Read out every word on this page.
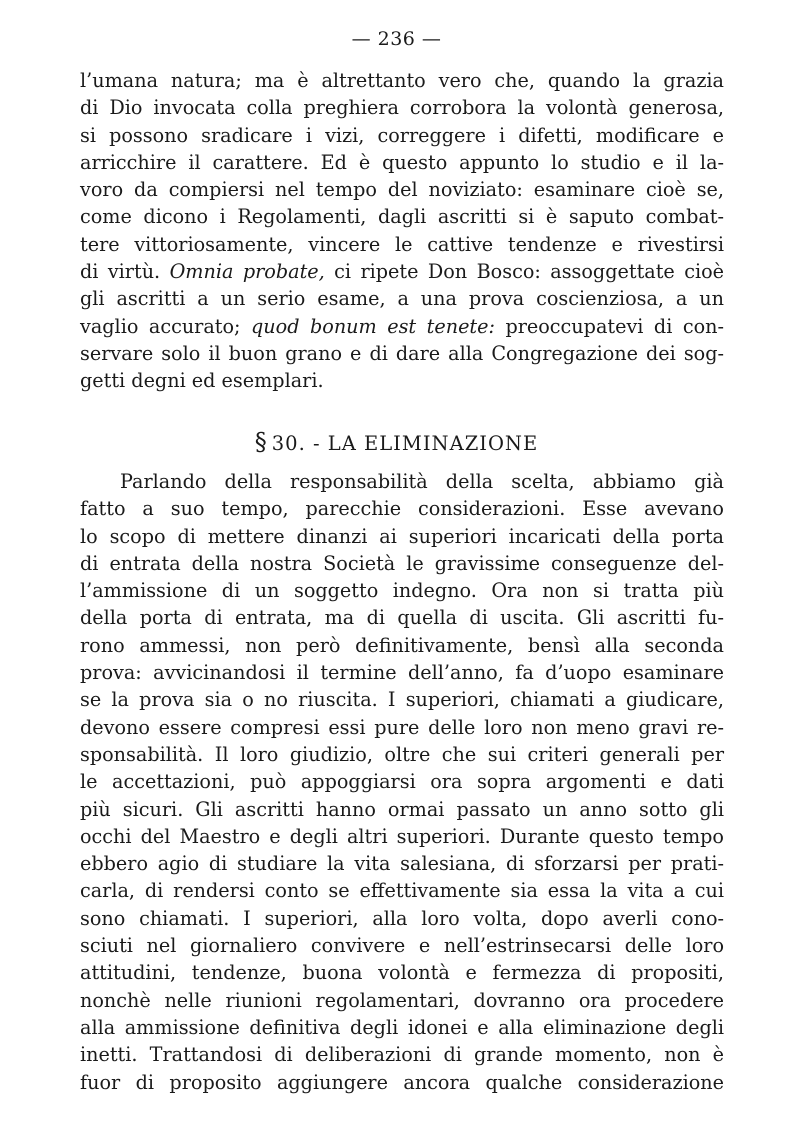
— 236 —
l’umana natura; ma è altrettanto vero che, quando la grazia
di Dio invocata colla preghiera corrobora la volontà generosa,
si possono sradicare i vizi, correggere i difetti, modificare e
arricchire il carattere. Ed è questo appunto lo studio e il la-
voro da compiersi nel tempo del noviziato: esaminare cioè se,
come dicono i Regolamenti, dagli ascritti si è saputo combat-
tere vittoriosamente, vincere le cattive tendenze e rivestirsi
di virtù. Omnia probate, ci ripete Don Bosco: assoggettate cioè
gli ascritti a un serio esame, a una prova coscienziosa, a un
vaglio accurato; quod bonum est tenete: preoccupatevi di con-
servare solo il buon grano e di dare alla Congregazione dei sog-
getti degni ed esemplari.
§ 30. - LA ELIMINAZIONE
Parlando della responsabilità della scelta, abbiamo già
fatto a suo tempo, parecchie considerazioni. Esse avevano
lo scopo di mettere dinanzi ai superiori incaricati della porta
di entrata della nostra Società le gravissime conseguenze del-
l’ammissione di un soggetto indegno. Ora non si tratta più
della porta di entrata, ma di quella di uscita. Gli ascritti fu-
rono ammessi, non però definitivamente, bensì alla seconda
prova: avvicinandosi il termine dell’anno, fa d’uopo esaminare
se la prova sia o no riuscita. I superiori, chiamati a giudicare,
devono essere compresi essi pure delle loro non meno gravi re-
sponsabilità. Il loro giudizio, oltre che sui criteri generali per
le accettazioni, può appoggiarsi ora sopra argomenti e dati
più sicuri. Gli ascritti hanno ormai passato un anno sotto gli
occhi del Maestro e degli altri superiori. Durante questo tempo
ebbero agio di studiare la vita salesiana, di sforzarsi per prati-
carla, di rendersi conto se effettivamente sia essa la vita a cui
sono chiamati. I superiori, alla loro volta, dopo averli cono-
sciuti nel giornaliero convivere e nell’estrinsecarsi delle loro
attitudini, tendenze, buona volontà e fermezza di propositi,
nonchè nelle riunioni regolamentari, dovranno ora procedere
alla ammissione definitiva degli idonei e alla eliminazione degli
inetti. Trattandosi di deliberazioni di grande momento, non è
fuor di proposito aggiungere ancora qualche considerazione
